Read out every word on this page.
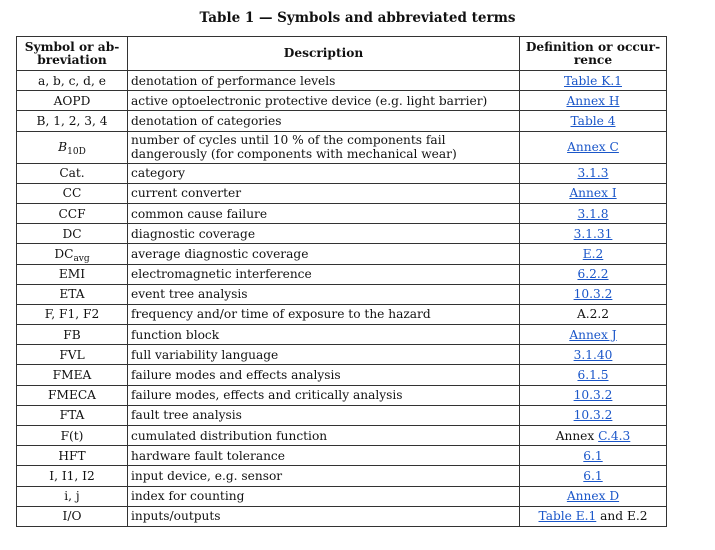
Table 1 — Symbols and abbreviated terms
Symbol or ab- breviation	Description	Definition or occur- rence
a, b, c, d, e	denotation of performance levels	Table K.1
AOPD	active optoelectronic protective device (e.g. light barrier)	Annex H
B, 1, 2, 3, 4	denotation of categories	Table 4
$B_{10D}$	number of cycles until 10 % of the components fail dangerously (for components with mechanical wear)	Annex C
Cat.	category	3.1.3
CC	current converter	Annex I
CCF	common cause failure	3.1.8
DC	diagnostic coverage	3.1.31
$DC_{avg}$	average diagnostic coverage	E.2
EMI	electromagnetic interference	6.2.2
ETA	event tree analysis	10.3.2
F, F1, F2	frequency and/or time of exposure to the hazard	A.2.2
FB	function block	Annex J
FVL	full variability language	3.1.40
FMEA	failure modes and effects analysis	6.1.5
FMECA	failure modes, effects and critically analysis	10.3.2
FTA	fault tree analysis	10.3.2
F(t)	cumulated distribution function	Annex C.4.3
HFT	hardware fault tolerance	6.1
I, I1, I2	input device, e.g. sensor	6.1
i, j	index for counting	Annex D
I/O	inputs/outputs	Table E.1 and E.2
